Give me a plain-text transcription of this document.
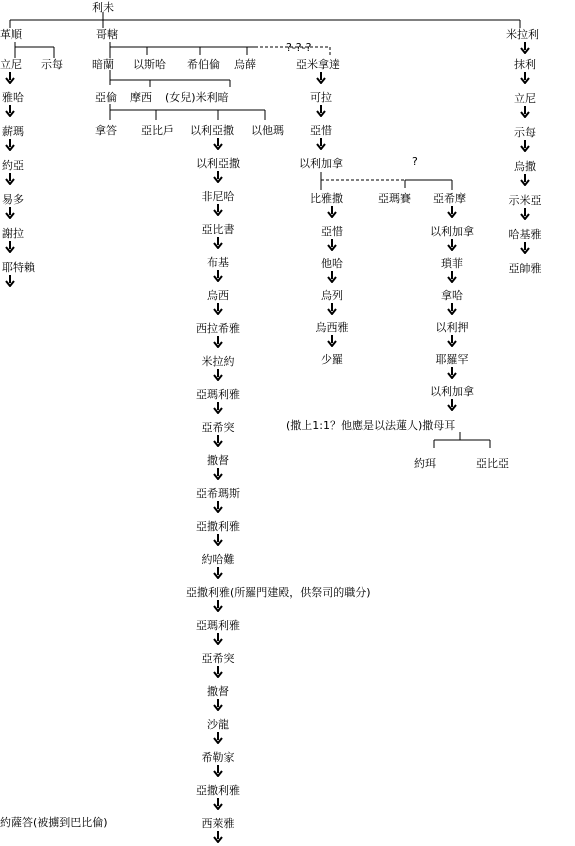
利未
革順
立尼 示每
哥轄
暗蘭 以斯哈 希伯倫 烏薛
?-?-?
亞米拿達
亞倫 摩西 (女兒)米利暗
拿答 亞比戶 以利亞撒 以他瑪
約薩答(被擄到巴比倫)
?
比雅撒	亞瑪賽 亞希摩
(撒上1:1？他應是以法蓮人)撒母耳
約珥	亞比亞
米拉利
雅哈
薪瑪
約亞
易多
謝拉
耶特賴
以利亞撒
非尼哈
亞比書
布基
烏西
西拉希雅
米拉約
亞瑪利雅
亞希突
撒督
亞希瑪斯
亞撒利雅
約哈難
亞撒利雅(所羅門建殿，供祭司的職分)
亞瑪利雅
亞希突
撒督
沙龍
希勒家
亞撒利雅
西萊雅
可拉
亞惜
以利加拿
亞惜
他哈
烏列
烏西雅
少羅
以利加拿
瑣菲
拿哈
以利押
耶羅罕
以利加拿
抹利
立尼
示每
烏撒
示米亞
哈基雅
亞帥雅
